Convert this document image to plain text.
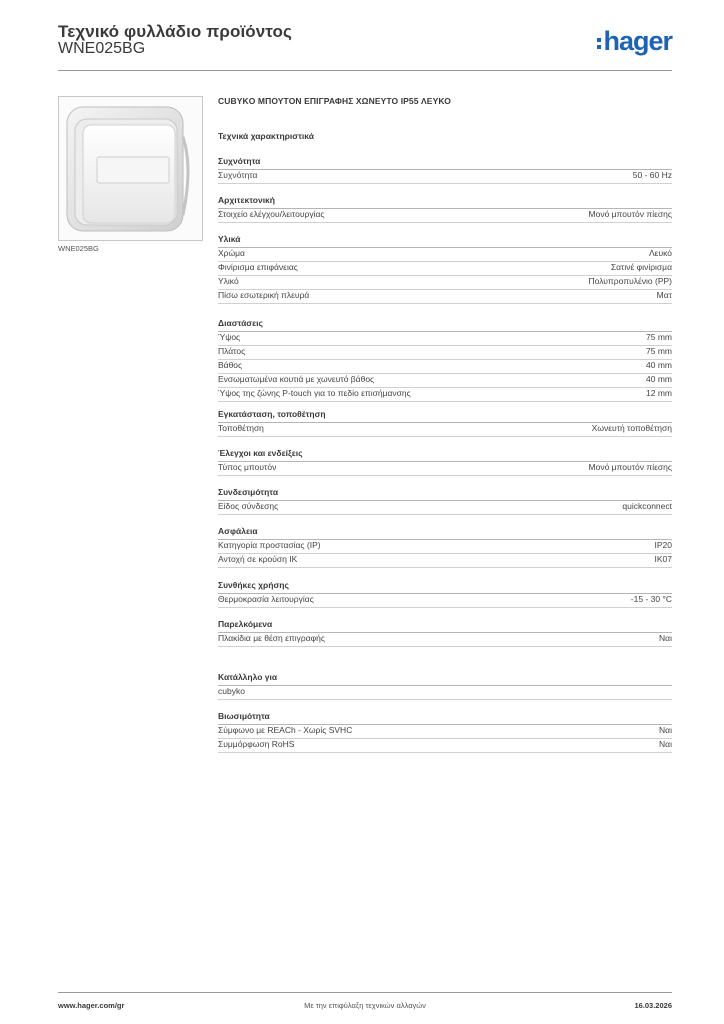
Τεχνικό φυλλάδιο προϊόντος
WNE025BG	hager
WNE025BG
CUBYKO ΜΠΟΥΤΟΝ ΕΠΙΓΡΑΦΗΣ ΧΩΝΕΥΤΟ IP55 ΛΕΥΚΟ
Τεχνικά χαρακτηριστικά
Συχνότητα
Συχνότητα	50 - 60 Hz
Αρχιτεκτονική
Στοιχείο ελέγχου/λειτουργίας	Μονό μπουτόν πίεσης
Υλικά
Χρώμα	Λευκό
Φινίρισμα επιφάνειας	Σατινέ φινίρισμα
Υλικό	Πολυπροπυλένιο (PP)
Πίσω εσωτερική πλευρά	Ματ
Διαστάσεις
Ύψος	75 mm
Πλάτος	75 mm
Βάθος	40 mm
Ενσωματωμένα κουτιά με χωνευτό βάθος	40 mm
Ύψος της ζώνης P-touch για το πεδίο επισήμανσης	12 mm
Εγκατάσταση, τοποθέτηση
Τοποθέτηση	Χωνευτή τοποθέτηση
Έλεγχοι και ενδείξεις
Τύπος μπουτόν	Μονό μπουτόν πίεσης
Συνδεσιμότητα
Είδος σύνδεσης	quickconnect
Ασφάλεια
Κατηγορία προστασίας (IP)	IP20
Αντοχή σε κρούση IK	IK07
Συνθήκες χρήσης
Θερμοκρασία λειτουργίας	-15 - 30 °C
Παρελκόμενα
Πλακίδια με θέση επιγραφής	Ναι
Κατάλληλο για
cubyko
Βιωσιμότητα
Σύμφωνο με REACh - Χωρίς SVHC	Ναι
Συμμόρφωση RoHS	Ναι
www.hager.com/gr	Με την επιφύλαξη τεχνικών αλλαγών	16.03.2026
